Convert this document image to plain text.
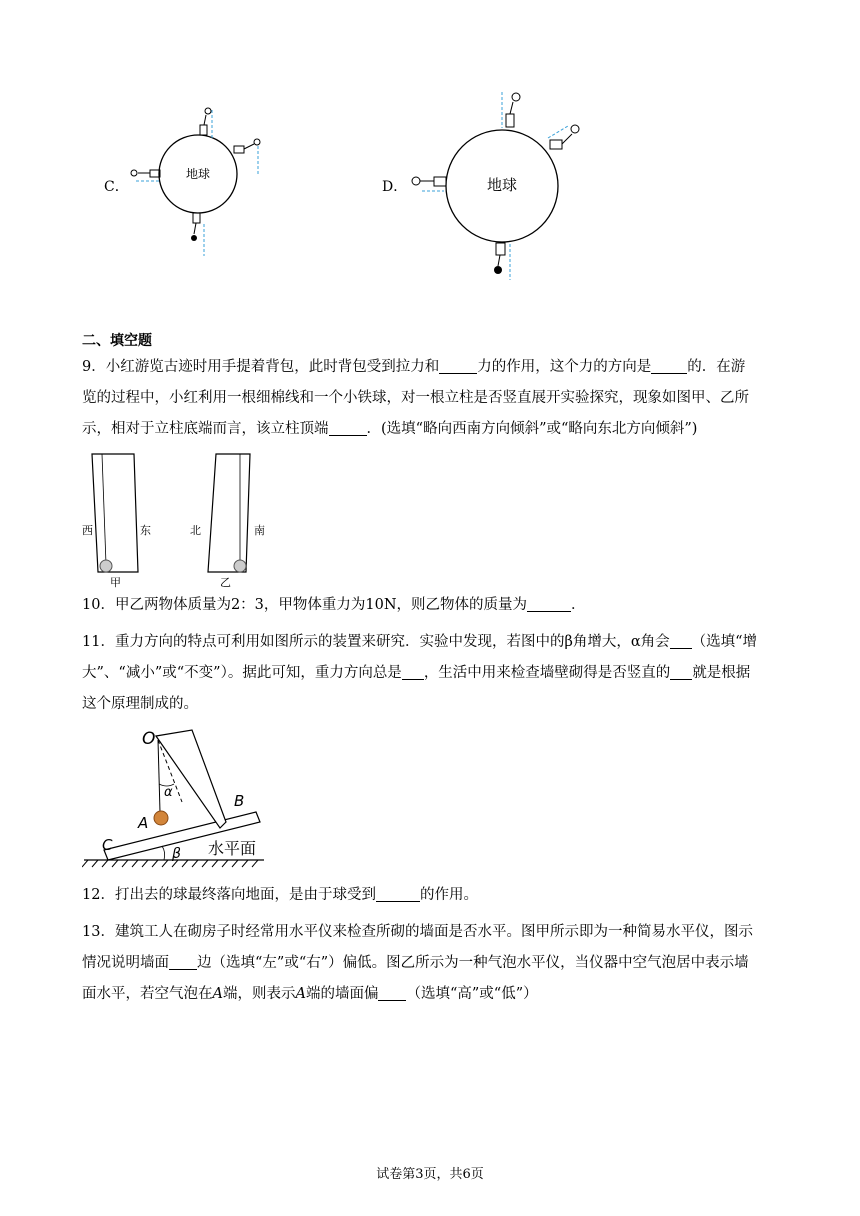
C．
地球
D．	地球
二、填空题
9．小红游览古迹时用手提着背包，此时背包受到拉力和	力的作用，这个力的方向是 的．在游
览的过程中，小红利用一根细棉线和一个小铁球，对一根立柱是否竖直展开实验探究，现象如图甲、乙所
示，相对于立柱底端而言，该立柱顶端	．(选填“略向西南方向倾斜”或“略向东北方向倾斜”)
西	东
甲
北	南
乙
10．甲乙两物体质量为2：3，甲物体重力为10N，则乙物体的质量为	．
11．重力方向的特点可利用如图所示的装置来研究．实验中发现，若图中的β角增大，α角会 （选填“增
大”、“减小”或“不变”）。据此可知，重力方向总是 ，生活中用来检查墙壁砌得是否竖直的 就是根据
这个原理制成的。
O
α
A
B
C	β 水平面
12．打出去的球最终落向地面，是由于球受到	的作用。
13．建筑工人在砌房子时经常用水平仪来检查所砌的墙面是否水平。图甲所示即为一种简易水平仪，图示
情况说明墙面 边（选填“左”或“右”）偏低。图乙所示为一种气泡水平仪，当仪器中空气泡居中表示墙
面水平，若空气泡在A端，则表示A端的墙面偏 （选填“高”或“低”）
试卷第3页，共6页
